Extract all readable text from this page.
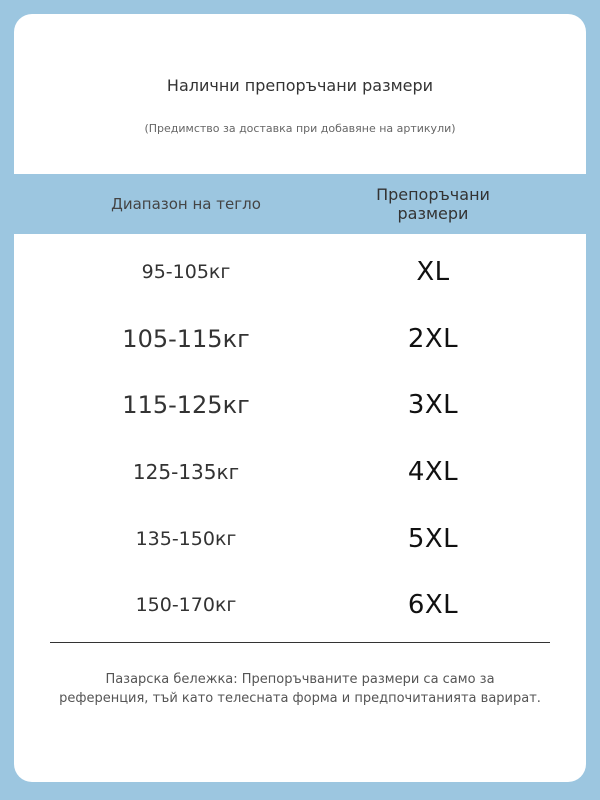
Налични препоръчани размери
(Предимство за доставка при добавяне на артикули)
Диапазон на тегло	Препоръчани
размери
95-105кг	XL
105-115кг	2XL
115-125кг	3XL
125-135кг	4XL
135-150кг	5XL
150-170кг	6XL
Пазарска бележка: Препоръчваните размери са само за
референция, тъй като телесната форма и предпочитанията варират.
